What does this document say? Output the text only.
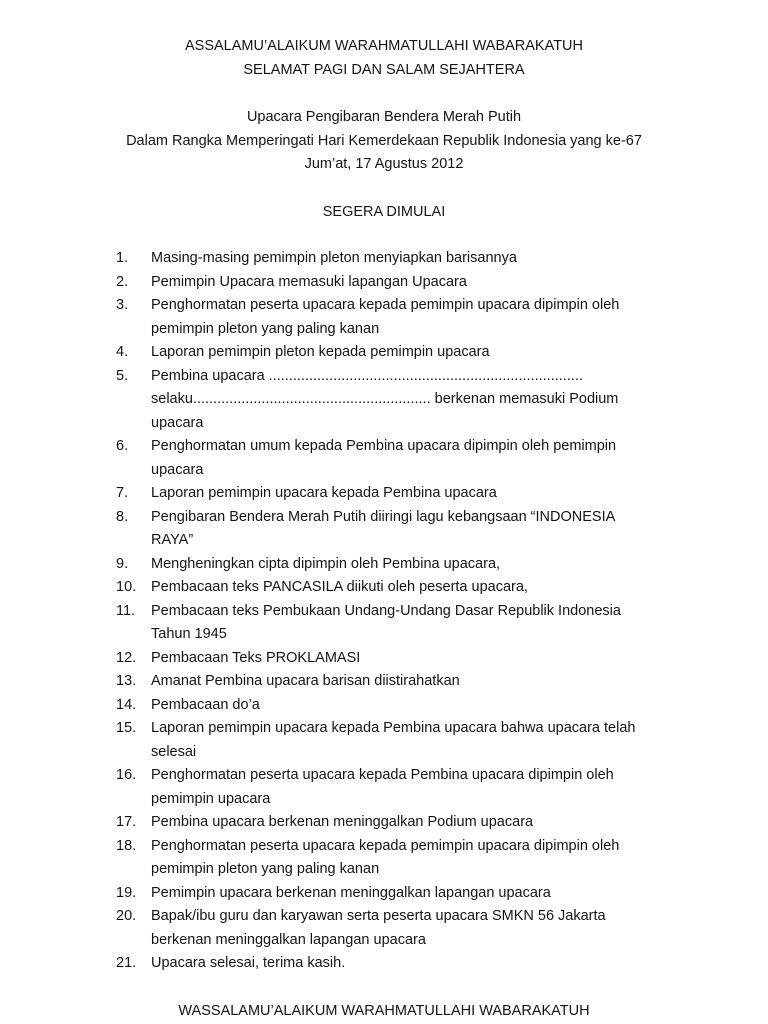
ASSALAMU’ALAIKUM WARAHMATULLAHI WABARAKATUH
SELAMAT PAGI DAN SALAM SEJAHTERA
Upacara Pengibaran Bendera Merah Putih
Dalam Rangka Memperingati Hari Kemerdekaan Republik Indonesia yang ke-67
Jum’at, 17 Agustus 2012
SEGERA DIMULAI
1. Masing-masing pemimpin pleton menyiapkan barisannya
2. Pemimpin Upacara memasuki lapangan Upacara
3. Penghormatan peserta upacara kepada pemimpin upacara dipimpin oleh
pemimpin pleton yang paling kanan
4. Laporan pemimpin pleton kepada pemimpin upacara
5. Pembina upacara ..............................................................................
selaku........................................................... berkenan memasuki Podium
upacara
6. Penghormatan umum kepada Pembina upacara dipimpin oleh pemimpin
upacara
7. Laporan pemimpin upacara kepada Pembina upacara
8. Pengibaran Bendera Merah Putih diiringi lagu kebangsaan “INDONESIA
RAYA”
9. Mengheningkan cipta dipimpin oleh Pembina upacara,
10. Pembacaan teks PANCASILA diikuti oleh peserta upacara,
11. Pembacaan teks Pembukaan Undang-Undang Dasar Republik Indonesia
Tahun 1945
12. Pembacaan Teks PROKLAMASI
13. Amanat Pembina upacara barisan diistirahatkan
14. Pembacaan do’a
15. Laporan pemimpin upacara kepada Pembina upacara bahwa upacara telah
selesai
16. Penghormatan peserta upacara kepada Pembina upacara dipimpin oleh
pemimpin upacara
17. Pembina upacara berkenan meninggalkan Podium upacara
18. Penghormatan peserta upacara kepada pemimpin upacara dipimpin oleh
pemimpin pleton yang paling kanan
19. Pemimpin upacara berkenan meninggalkan lapangan upacara
20. Bapak/ibu guru dan karyawan serta peserta upacara SMKN 56 Jakarta
berkenan meninggalkan lapangan upacara
21. Upacara selesai, terima kasih.
WASSALAMU’ALAIKUM WARAHMATULLAHI WABARAKATUH
